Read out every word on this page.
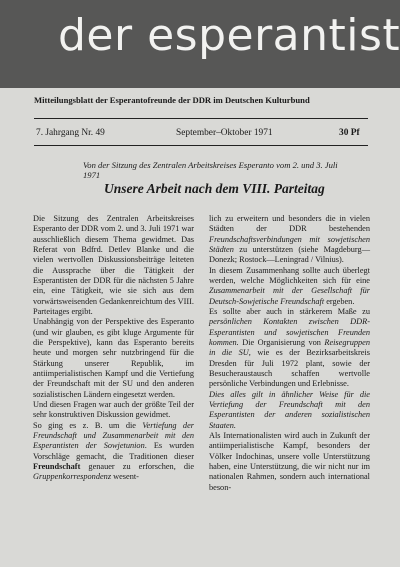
der esperantist
Mitteilungsblatt der Esperantofreunde der DDR im Deutschen Kulturbund
7. Jahrgang Nr. 49	September–Oktober 1971	30 Pf
Von der Sitzung des Zentralen Arbeitskreises Esperanto vom 2. und 3. Juli 1971
Unsere Arbeit nach dem VIII. Parteitag

Die Sitzung des Zentralen Arbeitskreises Esperanto der DDR vom 2. und 3. Juli 1971 war ausschließlich diesem Thema gewidmet. Das Referat von Bdfrd. Detlev Blanke und die vielen wertvollen Diskussionsbeiträge leiteten die Aussprache über die Tätigkeit der Esperantisten der DDR für die nächsten 5 Jahre ein, eine Tätigkeit, wie sie sich aus dem vorwärtsweisenden Gedankenreichtum des VIII. Parteitages ergibt.

Unabhängig von der Perspektive des Esperanto (und wir glauben, es gibt kluge Argumente für die Perspektive), kann das Esperanto bereits heute und morgen sehr nutzbringend für die Stärkung unserer Republik, im antiimperialistischen Kampf und die Vertiefung der Freundschaft mit der SU und den anderen sozialistischen Ländern eingesetzt werden.

Und diesen Fragen war auch der größte Teil der sehr konstruktiven Diskussion gewidmet.

So ging es z. B. um die Vertiefung der Freundschaft und Zusammenarbeit mit den Esperantisten der Sowjetunion. Es wurden Vorschläge gemacht, die Traditionen dieser Freundschaft genauer zu erforschen, die Gruppenkorrespondenz wesent-

lich zu erweitern und besonders die in vielen Städten der DDR bestehenden Freundschaftsverbindungen mit sowjetischen Städten zu unterstützen (siehe Magdeburg—Donezk; Rostock—Leningrad / Vilnius).

In diesem Zusammenhang sollte auch überlegt werden, welche Möglichkeiten sich für eine Zusammenarbeit mit der Gesellschaft für Deutsch-Sowjetische Freundschaft ergeben.

Es sollte aber auch in stärkerem Maße zu persönlichen Kontakten zwischen DDR-Esperantisten und sowjetischen Freunden kommen. Die Organisierung von Reisegruppen in die SU, wie es der Bezirksarbeitskreis Dresden für Juli 1972 plant, sowie der Besucheraustausch schaffen wertvolle persönliche Verbindungen und Erlebnisse.

Dies alles gilt in ähnlicher Weise für die Vertiefung der Freundschaft mit den Esperantisten der anderen sozialistischen Staaten.

Als Internationalisten wird auch in Zukunft der antiimperialistische Kampf, besonders der Völker Indochinas, unsere volle Unterstützung haben, eine Unterstützung, die wir nicht nur im nationalen Rahmen, sondern auch international beson-
